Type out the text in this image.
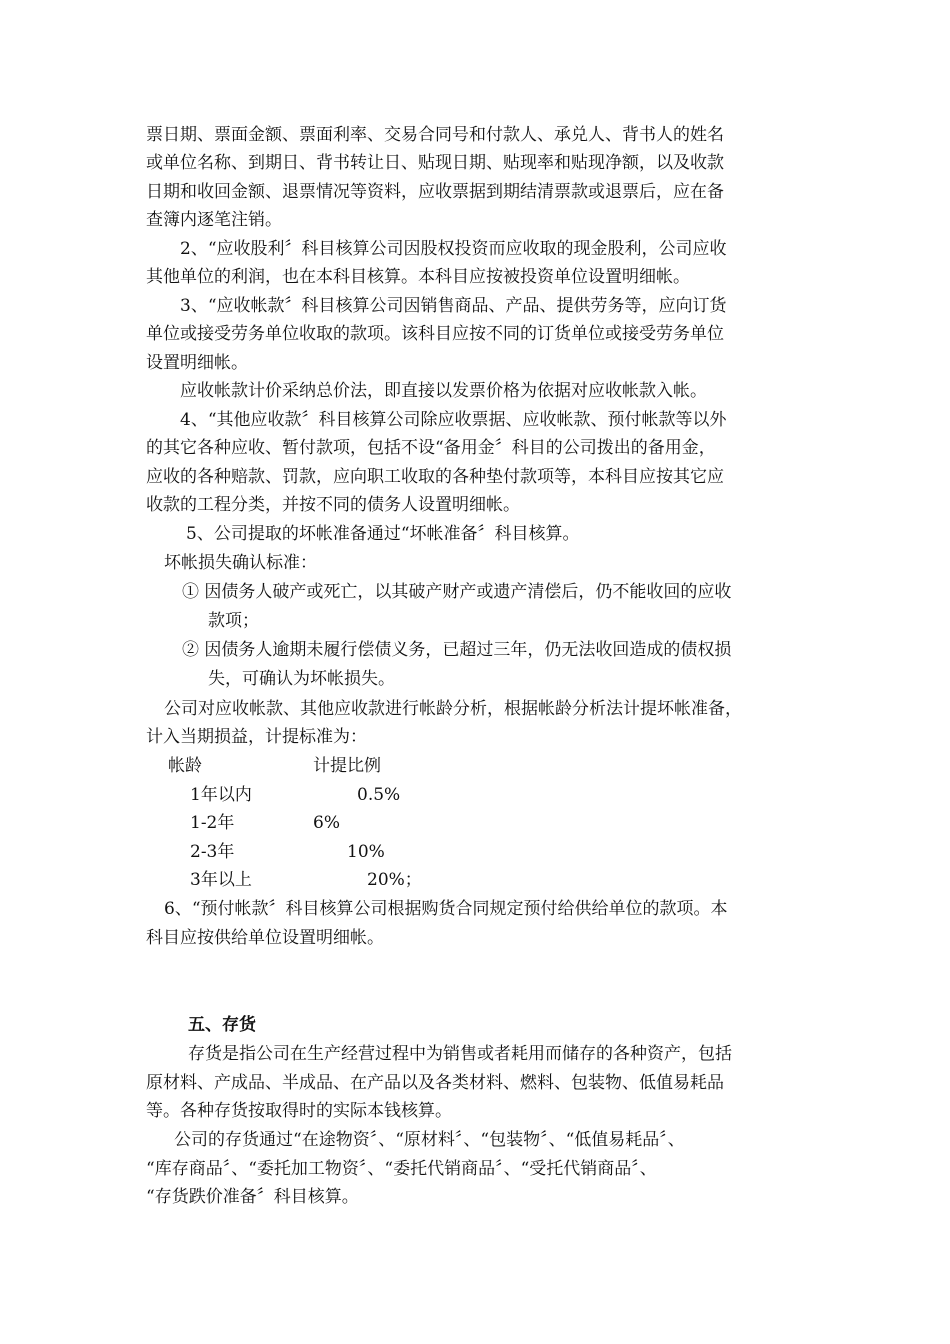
票日期、票面金额、票面利率、交易合同号和付款人、承兑人、背书人的姓名
或单位名称、到期日、背书转让日、贴现日期、贴现率和贴现净额，以及收款
日期和收回金额、退票情况等资料，应收票据到期结清票款或退票后，应在备
查簿内逐笔注销。
2、“应收股利〞科目核算公司因股权投资而应收取的现金股利，公司应收
其他单位的利润，也在本科目核算。本科目应按被投资单位设置明细帐。
3、“应收帐款〞科目核算公司因销售商品、产品、提供劳务等，应向订货
单位或接受劳务单位收取的款项。该科目应按不同的订货单位或接受劳务单位
设置明细帐。
应收帐款计价采纳总价法，即直接以发票价格为依据对应收帐款入帐。
4、“其他应收款〞科目核算公司除应收票据、应收帐款、预付帐款等以外
的其它各种应收、暂付款项，包括不设“备用金〞科目的公司拨出的备用金，
应收的各种赔款、罚款，应向职工收取的各种垫付款项等，本科目应按其它应
收款的工程分类，并按不同的债务人设置明细帐。
5、公司提取的坏帐准备通过“坏帐准备〞科目核算。
坏帐损失确认标准：
① 因债务人破产或死亡，以其破产财产或遗产清偿后，仍不能收回的应收
款项；
② 因债务人逾期未履行偿债义务，已超过三年，仍无法收回造成的债权损
失，可确认为坏帐损失。
公司对应收帐款、其他应收款进行帐龄分析，根据帐龄分析法计提坏帐准备，
计入当期损益，计提标准为：
帐龄	计提比例
1年以内	0.5%
1-2年	6%
2-3年	10%
3年以上	20%；
6、“预付帐款〞科目核算公司根据购货合同规定预付给供给单位的款项。本
科目应按供给单位设置明细帐。
五、存货
存货是指公司在生产经营过程中为销售或者耗用而储存的各种资产，包括
原材料、产成品、半成品、在产品以及各类材料、燃料、包装物、低值易耗品
等。各种存货按取得时的实际本钱核算。
公司的存货通过“在途物资〞、“原材料〞、“包装物〞、“低值易耗品〞、
“库存商品〞、“委托加工物资〞、“委托代销商品〞、“受托代销商品〞、
“存货跌价准备〞科目核算。
